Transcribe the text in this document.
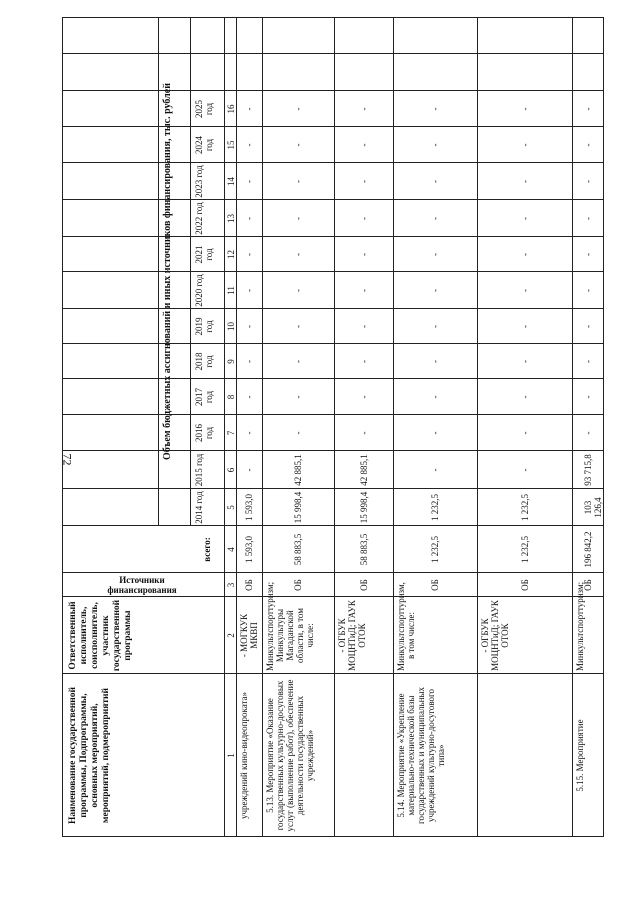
72
Наименование государственной программы, Подпрограммы, основных мероприятий, мероприятий, подмероприятий
Ответственный исполнитель, соисполнитель, участник государственной программы
Источники финансирования
Объем бюджетных ассигнований и иных источников финансирования, тыс. рублей
всего:
2014 год
2015 год
2016 год
2017 год
2018 год
2019 год
2020 год
2021 год
2022 год
2023 год
2024 год
2025 год
1
2
3
4
5
6
7
8
9
10
11
12
13
14
15
16
учреждений кино-видеопроката»
- МОГКУК МКВП
ОБ
1 593,0
1 593,0
-
-
-
-
-
-
-
-
-
-
-
5.13. Мероприятие «Оказание государственных культурно-досуговых услуг (выполнение работ), обеспечение деятельности государственных учреждений»
Минкультспорттуризм; Минкультуры Магаданской области, в том числе:
ОБ
58 883,5
15 998,4
42 885,1
-
-
-
-
-
-
-
-
-
-
- ОГБУК МОЦНТиД; ГАУК ОТОК
ОБ
58 883,5
15 998,4
42 885,1
-
-
-
-
-
-
-
-
-
-
5.14. Мероприятие «Укрепление материально-технической базы государственных и муниципальных учреждений культурно-досугового типа»
Минкультспорттуризм, в том числе:
ОБ
1 232,5
1 232,5
-
-
-
-
-
-
-
-
-
-
-
- ОГБУК МОЦНТиД; ГАУК ОТОК
ОБ
1 232,5
1 232,5
-
-
-
-
-
-
-
-
-
-
-
5.15. Мероприятие
Минкультспорттуризм;
ОБ
196 842,2
103 126,4
93 715,8
-
-
-
-
-
-
-
-
-
-
